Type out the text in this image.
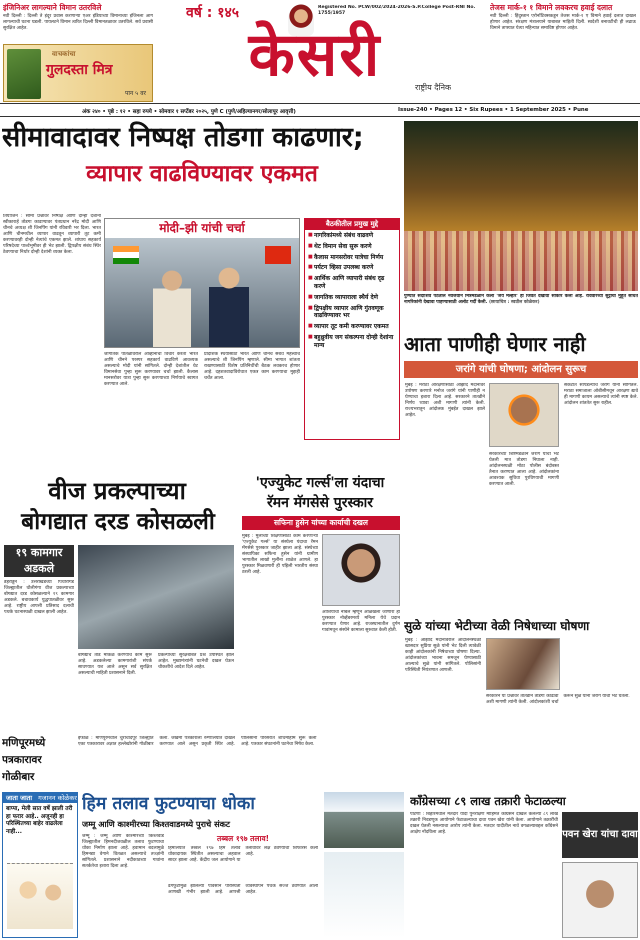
इंजिनिअर लागल्याने विमान उतरविले
नवी दिल्ली : दिल्ली ते इंदूर प्रवास करणाऱ्या एअर इंडियाच्या विमानाच्या इंजिनला आग लागल्याची घटना घडली. पायलटने विमान त्वरित दिल्ली विमानतळावर उतरविले. सर्व प्रवासी सुरक्षित आहेत.
वाचकांचा
गुलदस्ता मित्र
पान ५ वर
वर्ष : १४५	Registered No. PCW/002/2024-2026-S.P.College Post-RNI No. 1755/1957
केसरी	राष्ट्रीय दैनिक
तेजस मार्क-१ १ विमाने लवकरच हवाई दलात
नवी दिल्ली : हिंदुस्तान एरोनॉटिक्सकडून तेजस मार्क-१ ए विमाने हवाई दलात दाखल होणार आहेत. संरक्षण मंत्रालयाने याबाबत माहिती दिली. स्वदेशी बनावटीची ही लढाऊ विमाने ताफ्यात येत्या महिन्यात समाविष्ट होणार आहेत.
अंक २४० • पृष्ठे : १२ • सहा रुपये • सोमवार १ सप्टेंबर २०२५, पुणे C (पुणे/अहिल्यानगर/सोलापूर आवृत्ती)	Issue-240 • Pages 12 • Six Rupees • 1 September 2025 • Pune
सीमावादावर निष्पक्ष तोडगा काढणार;
व्यापार वाढविण्यावर एकमत
तियांजिन : सीमा प्रश्नावर निष्पक्ष आणि दोन्ही देशांना स्वीकारार्ह तोडगा काढण्यावर पंतप्रधान नरेंद्र मोदी आणि चीनचे अध्यक्ष शी जिनपिंग यांनी रविवारी भर दिला. भारत आणि चीनमधील व्यापार वाढवून व्यापारी तूट कमी करण्यावरही दोन्ही नेत्यांचे एकमत झाले. शांघाय सहकार्य परिषदेच्या पार्श्वभूमीवर ही भेट झाली. द्विपक्षीय संबंध स्थिर ठेवण्याचा निर्धार दोन्ही देशांनी व्यक्त केला.
मोदी–झी यांची चर्चा
जागतिक पातळीवरील आव्हानांचा विचार करता भारत आणि चीनने परस्पर सहकार्य वाढविणे आवश्यक असल्याचे मोदी यांनी सांगितले. दोन्ही देशांतील थेट विमानसेवा पुन्हा सुरू करण्यावर चर्चा झाली. कैलास मानसरोवर यात्रा पुन्हा सुरू करण्याच्या निर्णयाचे स्वागत करण्यात आले.
प्रादेशिक स्थैर्यासाठी भारत आणि चीनचे संबंध महत्त्वाचे असल्याचे शी जिनपिंग म्हणाले. सीमा भागात शांतता राखण्यासाठी विशेष प्रतिनिधींची बैठक लवकरच होणार आहे. दहशतवादाविरोधात एकत्र काम करण्याचा मुद्दाही चर्चेत आला.
बैठकीतील प्रमुख मुद्दे
■ नागरिकांमध्ये संबंध वाढवणे
■ थेट विमान सेवा सुरू करणे
■ कैलास मानसरोवर यात्रेचा निर्णय
■ पर्यटन व्हिसा उपलब्ध करणे
■ आर्थिक आणि व्यापारी संबंध दृढ करणे
■ जागतिक व्यापाराला स्थैर्य देणे
■ द्विपक्षीय व्यापार आणि गुंतवणूक वाढविण्यावर भर
■ व्यापार तूट कमी करण्यावर एकमत
■ बहुध्रुवीय जग संकल्पना दोन्ही देशांना मान्य
पुण्यात सदाशिव पेठेतील नवजवान मित्रमंडळाने केला 'जय मल्हार' हा जिवंत देखावा साकार केला आहे. रविवारच्या सुट्टीचा मुहूर्त साधत नागरिकांनी देखावा पाहण्यासाठी अलोट गर्दी केली. (छायाचित्र : स्वप्नील कोळेकर)
आता पाणीही घेणार नाही
जरांगे यांची घोषणा; आंदोलन सुरूच
मुंबई : मराठा आरक्षणासाठी आझाद मैदानावर उपोषण करणारे मनोज जरांगे यांनी पाणीही न घेण्याचा इशारा दिला आहे. सरकारने तातडीने निर्णय घ्यावा अशी मागणी त्यांनी केली. राज्यभरातून आंदोलक मुंबईत दाखल झाले आहेत.
सरकारच्या शिष्टमंडळाने जरांगे यांची भेट घेतली मात्र तोडगा निघाला नाही. आंदोलनस्थळी मोठा पोलीस बंदोबस्त तैनात करण्यात आला आहे. आंदोलकांना आवश्यक सुविधा पुरविण्याची मागणी करण्यात आली.
संकटात सापडल्याचे जरांगे यांनी सांगितले. मराठा समाजाला ओबीसीमधून आरक्षण द्यावे ही मागणी कायम असल्याचे त्यांनी स्पष्ट केले. आंदोलन शांततेत सुरू राहील.
वीज प्रकल्पाच्या
बोगद्यात दरड कोसळली
१९ कामगार
अडकले
डेहराडून : उत्तराखंडच्या पिथोरागड जिल्ह्यातील धौलीगंगा वीज प्रकल्पाच्या बोगद्यात दरड कोसळल्याने १९ कामगार अडकले. बचावकार्य युद्धपातळीवर सुरू आहे. राष्ट्रीय आपत्ती प्रतिसाद दलाची पथके घटनास्थळी दाखल झाली आहेत.
बोगद्याचे तोंड मोकळे करण्याचे काम सुरू आहे. अडकलेल्या कामगारांशी संपर्क साधण्यात यश आले असून सर्व सुरक्षित असल्याची माहिती प्रशासनाने दिली.
प्रकल्पाच्या सुरक्षेबाबत प्रश्न उपस्थित झाले आहेत. मुख्यमंत्र्यांनी घटनेची दखल घेऊन चौकशीचे आदेश दिले आहेत.
'एज्युकेट गर्ल्स'ला यंदाचा
रॅमन मॅगसेसे पुरस्कार
सफिना हुसेन यांच्या कार्याची दखल
मुंबई : मुलींच्या शिक्षणासाठी काम करणाऱ्या 'एज्युकेट गर्ल्स' या संस्थेला यंदाचा रॅमन मॅगसेसे पुरस्कार जाहीर झाला आहे. संस्थेच्या संस्थापिका सफिना हुसेन यांनी ग्रामीण भागातील लाखो मुलींना शाळेत आणले. हा पुरस्कार मिळवणारी ही पहिली भारतीय संस्था ठरली आहे.
आशियाचा नोबेल म्हणून ओळखला जाणारा हा पुरस्कार नोव्हेंबरमध्ये मनिला येथे प्रदान करण्यात येणार आहे. राजस्थानातील दुर्गम गावांमधून संस्थेने कामाला सुरुवात केली होती.
मणिपूरमध्ये
पत्रकारावर
गोळीबार
इंफाळ : मणिपूरमधील चुराचांदपूर जिल्ह्यात एका पत्रकारावर अज्ञात हल्लेखोरांनी गोळीबार केला. जखमी पत्रकाराला रुग्णालयात दाखल करण्यात आले असून प्रकृती स्थिर आहे. पोलिसांनी परिसरात शोधमोहीम सुरू केली आहे. पत्रकार संघटनांनी घटनेचा निषेध केला.
सुळे यांच्या भेटीच्या वेळी निषेधाच्या घोषणा
मुंबई : आझाद मैदानावरील आंदोलनस्थळी खासदार सुप्रिया सुळे यांनी भेट दिली त्यावेळी काही आंदोलकांनी निषेधाच्या घोषणा दिल्या. आंदोलकांच्या भावना समजून घेण्यासाठी आल्याचे सुळे यांनी सांगितले. पोलिसांनी परिस्थिती नियंत्रणात आणली.
सरकारने या प्रश्नावर तातडीने तोडगा काढावा अशी मागणी त्यांनी केली. आंदोलकांशी चर्चा करून सुळे यांनी जरांगे यांची भेट घेतली.
जाता जाता गजानन कोळेकर
बाप्पा, मेली सात वर्षे झाली तरी हा फरार आहे.. अजूनही हा परिस्थितच्या बाहेर वाढलेला नाही...
हिम तलाव फुटण्याचा धोका
जम्मू आणि काश्मीरच्या किश्तवाडमध्ये पुराचे संकट
जम्मू : जम्मू आणि काश्मीरच्या किश्तवाड जिल्ह्यातील हिमनदीजवळील तलाव फुटण्याचा धोका निर्माण झाला आहे. हवामान बदलामुळे हिमनद्या वेगाने वितळत असल्याचे तज्ज्ञांनी सांगितले. प्रशासनाने नदीकाठच्या गावांना सतर्कतेचा इशारा दिला आहे.
तब्बल १९७ तलाव!
हिमालयात तब्बल १९७ हिम तलाव धोकादायक स्थितीत असल्याचा अहवाल सादर झाला आहे. केंद्रीय जल आयोगाने या तलावांवर लक्ष ठेवण्याची शिफारस केली आहे.
ढगफुटीमुळे झालेल्या पावसाने परिस्थिती आणखी गंभीर झाली आहे. आपत्ती व्यवस्थापन पथके सज्ज ठेवण्यात आली आहेत.
काँग्रेसच्या ८९ लाख तक्रारी फेटाळल्या
पाटणा : बिहारमधील मतदार यादी पुनरीक्षण मोहिमेत काँग्रेसने दाखल केलेल्या ८९ लाख तक्रारी निवडणूक आयोगाने फेटाळल्याचा दावा पवन खेरा यांनी केला. आयोगाने तक्रारींची दखल घेतली नसल्याचा आरोप त्यांनी केला. मतदार यादीतील नावे वगळल्याबद्दल काँग्रेसने आक्षेप नोंदविला आहे.	पवन खेरा यांचा दावा
